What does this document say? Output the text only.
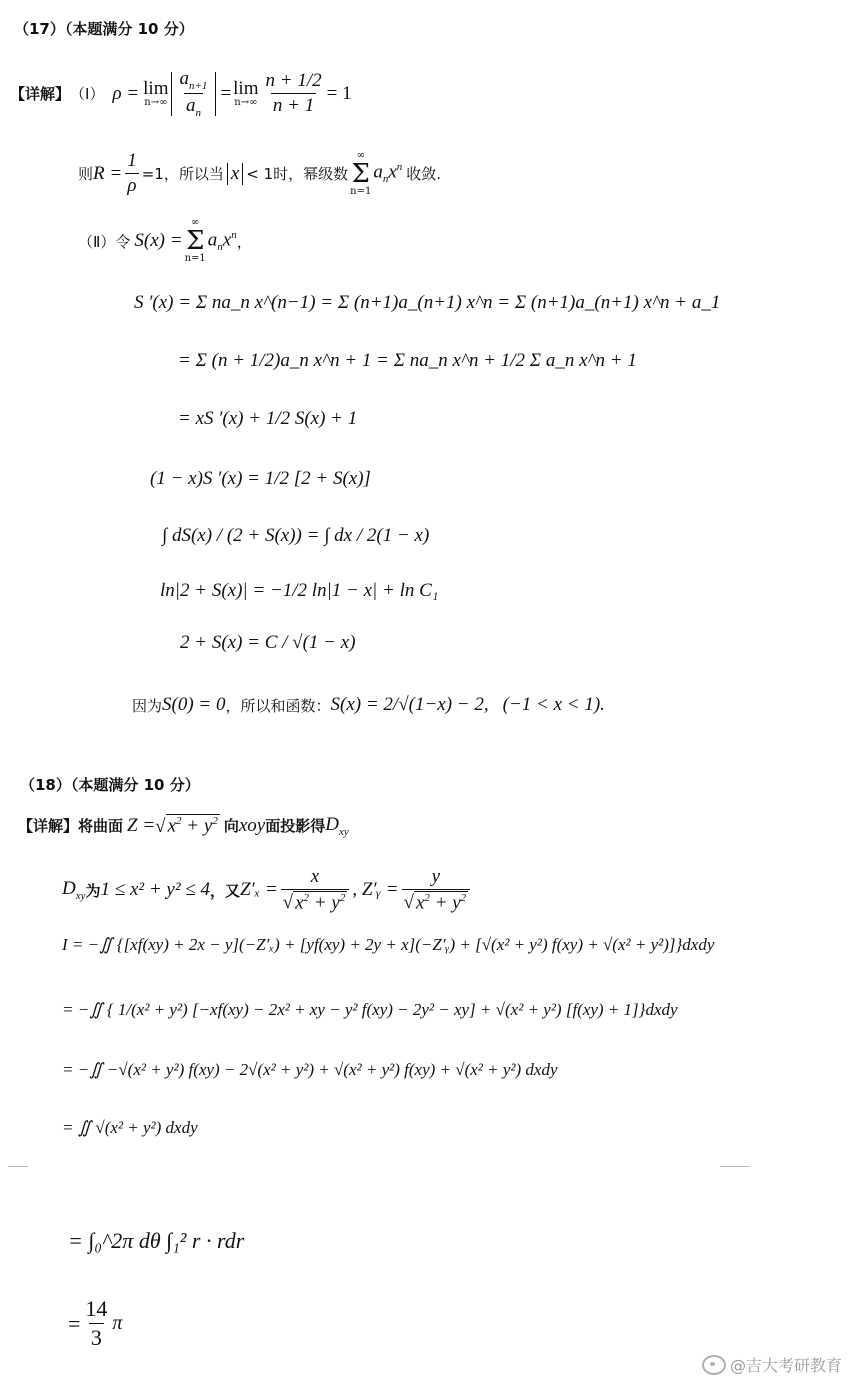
（17）（本题满分 10 分）
【详解】 （Ⅰ） ρ = lim
$n\to\infty \frac{a_{n+1}}{a_n} = \lim$
$n\to\infty \frac{n + 1/2}{n + 1} = 1$
则 $R = \frac{1}{\rho} =1$，所以当 x < 1时，幂级数
∞
Σ
n=1
$a_nx^n$ 收敛.
（Ⅱ）令 S(x) =
∞
Σ
n=1
$a_nx^n$ ，
S ′(x) = Σ na_n x^(n−1) = Σ (n+1)a_(n+1) x^n = Σ (n+1)a_(n+1) x^n + a_1
= Σ (n + 1/2)a_n x^n + 1 = Σ na_n x^n + 1/2 Σ a_n x^n + 1
= xS ′(x) + 1/2 S(x) + 1
(1 − x)S ′(x) = 1/2 [2 + S(x)]
∫ dS(x) / (2 + S(x)) = ∫ dx / 2(1 − x)
ln|2 + S(x)| = −1/2 ln|1 − x| + ln C₁
2 + S(x) = C / √(1 − x)
因为 S(0) = 0 ，所以和函数： S(x) = 2/√(1−x) − 2, (−1 < x < 1).
（18）（本题满分 10 分）
【详解】 将曲面 Z = √ $x^2 + y^2$ 向 xoy 面投影得 $D_{xy}$
$D_{xy}$ 为 1 ≤ x² + y² ≤ 4 ，又 $Z'_x = \frac{x}{√ x^2 + y^2}$ , Z′ᵧ = $\frac{y}{√ x^2 + y^2}$
I = −∬ {[xf(xy) + 2x − y](−Z′ₓ) + [yf(xy) + 2y + x](−Z′ᵧ) + [√(x² + y²) f(xy) + √(x² + y²)]}dxdy
= −∬ { 1/(x² + y²) [−xf(xy) − 2x² + xy − y² f(xy) − 2y² − xy] + √(x² + y²) [f(xy) + 1]}dxdy
= −∬ −√(x² + y²) f(xy) − 2√(x² + y²) + √(x² + y²) f(xy) + √(x² + y²) dxdy
= ∬ √(x² + y²) dxdy
= ∫₀^2π dθ ∫₁² r · rdr
= $\frac{14}{3}$ π
@吉大考研教育
